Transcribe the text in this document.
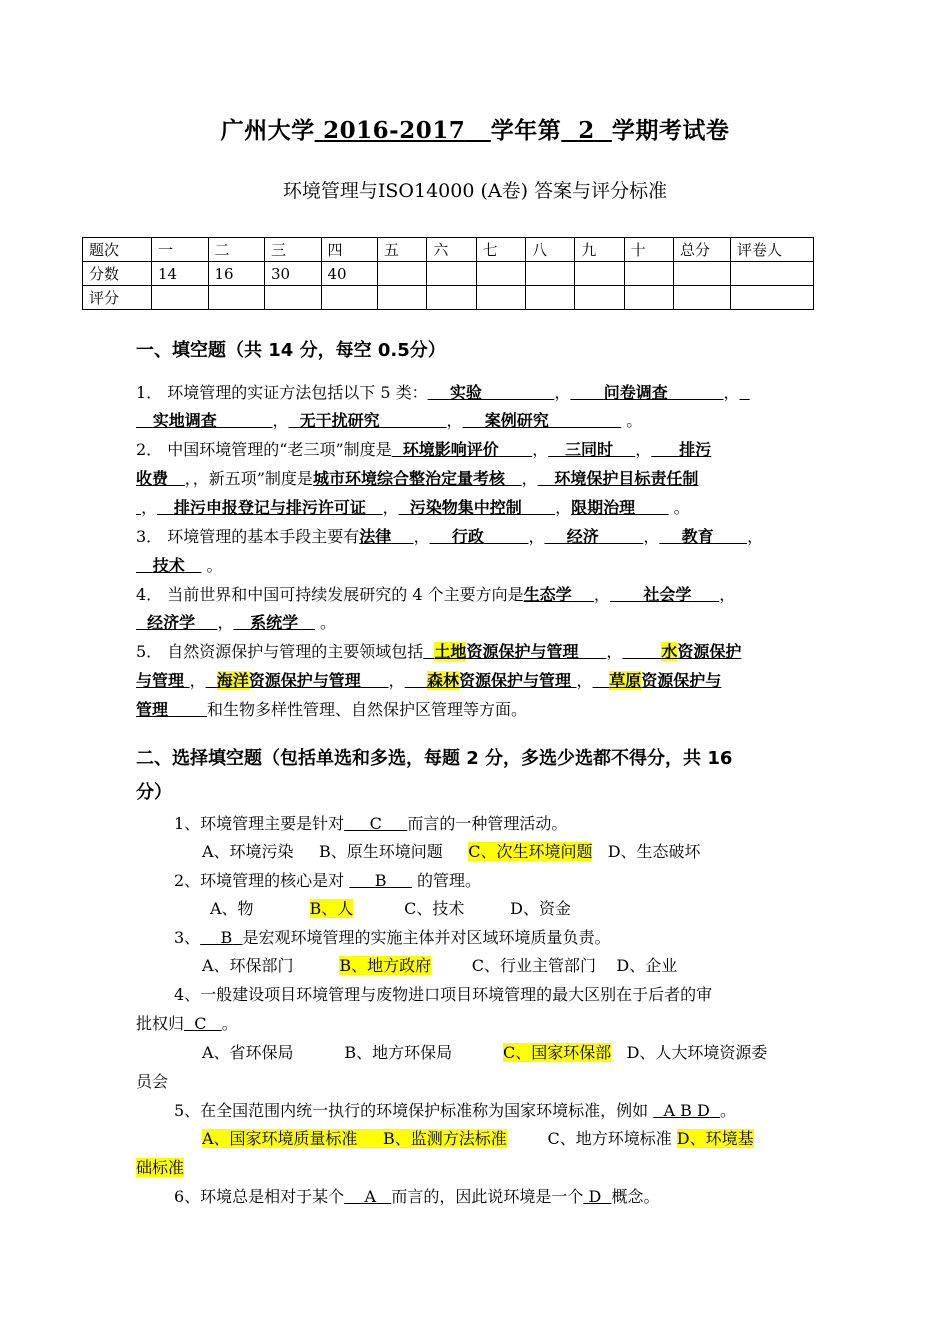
广州大学 2016-2017 学年第 2 学期考试卷
环境管理与ISO14000 (A卷) 答案与评分标准
题次	一	二	三	四	五	六	七	八	九	十	总分	评卷人
分数	14	16	30	40								
评分												
一、填空题（共 14 分，每空 0.5分）
1． 环境管理的实证方法包括以下 5 类： 实验	， 问卷调查	，
实地调查	， 无干扰研究	， 案例研究	。
2． 中国环境管理的“老三项”制度是 环境影响评价 ， 三同时 ， 排污
收费 ，，新五项”制度是城市环境综合整治定量考核 ， 环境保护目标责任制
， 排污申报登记与排污许可证 ， 污染物集中控制 ，限期治理       。
3． 环境管理的基本手段主要有法律 ， 行政	， 经济	， 教育 ，
技术    。
4． 当前世界和中国可持续发展研究的 4 个主要方向是生态学 ， 社会学 ，
经济学 ， 系统学    。
5． 自然资源保护与管理的主要领域包括 土地资源保护与管理 ， 水资源保护
与管理 ， 海洋资源保护与管理 ， 森林资源保护与管理 ， 草原资源保护与
管理 和生物多样性管理、自然保护区管理等方面。
二、选择填空题（包括单选和多选，每题 2 分，多选少选都不得分，共 16
分）
1、环境管理主要是针对 C 而言的一种管理活动。
A、环境污染 B、原生环境问题 C、次生环境问题 D、生态破坏
2、环境管理的核心是对 B 的管理。
A、物	B、人	C、技术	D、资金
3、 B 是宏观环境管理的实施主体并对区域环境质量负责。
A、环保部门	B、地方政府	C、行业主管部门 D、企业
4、一般建设项目环境管理与废物进口项目环境管理的最大区别在于后者的审
批权归 C 。
A、省环保局	B、地方环保局	C、国家环保部 D、人大环境资源委
员会
5、在全国范围内统一执行的环境保护标准称为国家环境标准，例如 A B D 。
A、国家环境质量标准 B、监测方法标准	C、地方环境标准 D、环境基
础标准
6、环境总是相对于某个 A 而言的，因此说环境是一个 D 概念。
